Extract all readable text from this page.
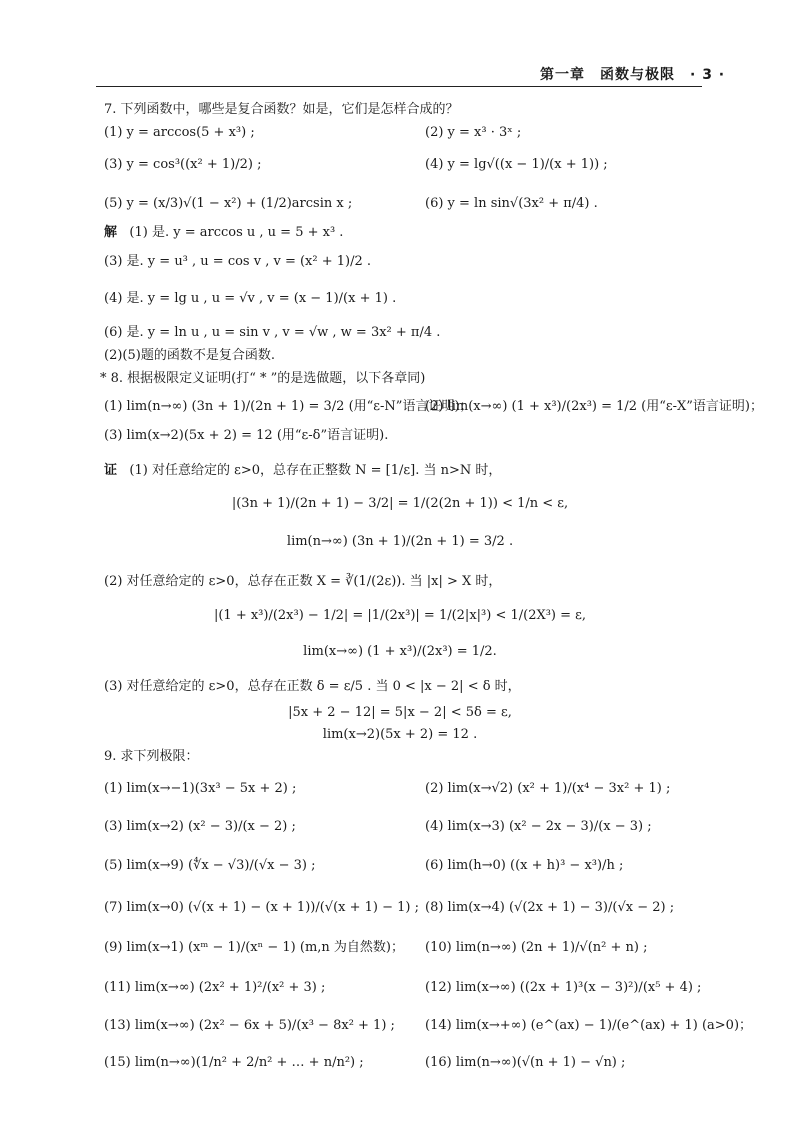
第一章　函数与极限　· 3 ·
7. 下列函数中，哪些是复合函数？如是，它们是怎样合成的？
(1) y = arccos(5 + x³) ;	(2) y = x³ · 3ˣ ;
(3) y = cos³((x² + 1)/2) ;	(4) y = lg√((x − 1)/(x + 1)) ;
(5) y = (x/3)√(1 − x²) + (1/2)arcsin x ;	(6) y = ln sin√(3x² + π/4) .
解 (1) 是. y = arccos u , u = 5 + x³ .
(3) 是. y = u³ , u = cos v , v = (x² + 1)/2 .
(4) 是. y = lg u , u = √v , v = (x − 1)/(x + 1) .
(6) 是. y = ln u , u = sin v , v = √w , w = 3x² + π/4 .
(2)(5)题的函数不是复合函数.
* 8. 根据极限定义证明(打“ * ”的是选做题，以下各章同)
(1) lim(n→∞) (3n + 1)/(2n + 1) = 3/2 (用“ε-N”语言证明)；
(2) lim(x→∞) (1 + x³)/(2x³) = 1/2 (用“ε-X”语言证明)；
(3) lim(x→2)(5x + 2) = 12 (用“ε-δ”语言证明).
证 (1) 对任意给定的 ε>0，总存在正整数 N = [1/ε]. 当 n>N 时，
|(3n + 1)/(2n + 1) − 3/2| = 1/(2(2n + 1)) < 1/n < ε,
lim(n→∞) (3n + 1)/(2n + 1) = 3/2 .
(2) 对任意给定的 ε>0，总存在正数 X = ∛(1/(2ε)). 当 |x| > X 时，
|(1 + x³)/(2x³) − 1/2| = |1/(2x³)| = 1/(2|x|³) < 1/(2X³) = ε,
lim(x→∞) (1 + x³)/(2x³) = 1/2.
(3) 对任意给定的 ε>0，总存在正数 δ = ε/5 . 当 0 < |x − 2| < δ 时，
|5x + 2 − 12| = 5|x − 2| < 5δ = ε,
lim(x→2)(5x + 2) = 12 .
9. 求下列极限：
(1) lim(x→−1)(3x³ − 5x + 2) ;	(2) lim(x→√2) (x² + 1)/(x⁴ − 3x² + 1) ;
(3) lim(x→2) (x² − 3)/(x − 2) ;	(4) lim(x→3) (x² − 2x − 3)/(x − 3) ;
(5) lim(x→9) (∜x − √3)/(√x − 3) ;	(6) lim(h→0) ((x + h)³ − x³)/h ;
(7) lim(x→0) (√(x + 1) − (x + 1))/(√(x + 1) − 1) ; (8) lim(x→4) (√(2x + 1) − 3)/(√x − 2) ;
(9) lim(x→1) (xᵐ − 1)/(xⁿ − 1) (m,n 为自然数)； (10) lim(n→∞) (2n + 1)/√(n² + n) ;
(11) lim(x→∞) (2x² + 1)²/(x² + 3) ;	(12) lim(x→∞) ((2x + 1)³(x − 3)²)/(x⁵ + 4) ;
(13) lim(x→∞) (2x² − 6x + 5)/(x³ − 8x² + 1) ; (14) lim(x→+∞) (e^(ax) − 1)/(e^(ax) + 1) (a>0)；
(15) lim(n→∞)(1/n² + 2/n² + … + n/n²) ;	(16) lim(n→∞)(√(n + 1) − √n) ;
